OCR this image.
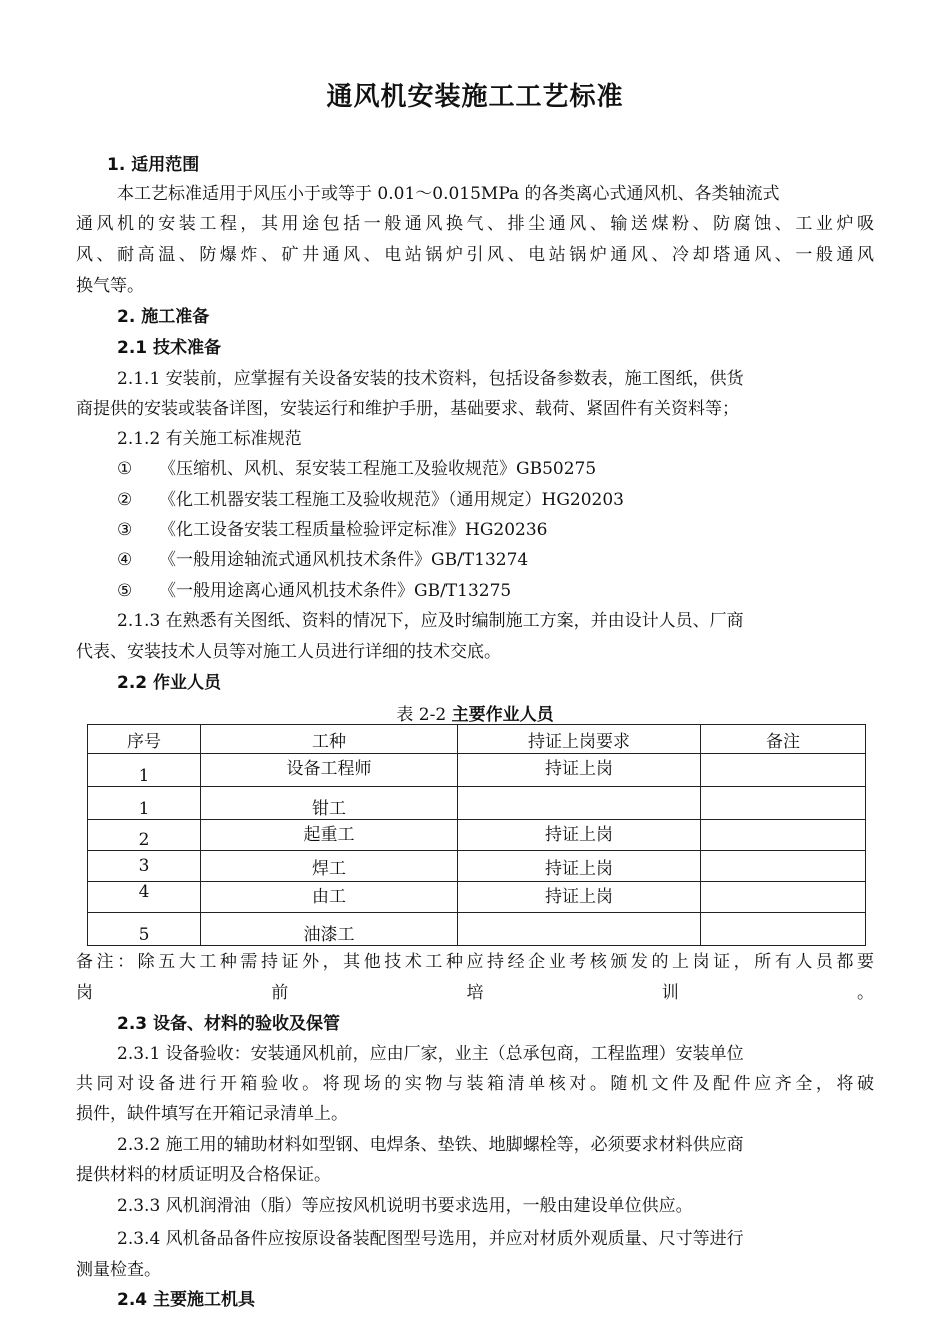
通风机安装施工工艺标准
1. 适用范围
本工艺标准适用于风压小于或等于 0.01～0.015MPa 的各类离心式通风机、各类轴流式
通风机的安装工程，其用途包括一般通风换气、排尘通风、输送煤粉、防腐蚀、工业炉吸
风、耐高温、防爆炸、矿井通风、电站锅炉引风、电站锅炉通风、冷却塔通风、一般通风
换气等。
2. 施工准备
2.1 技术准备
2.1.1 安装前，应掌握有关设备安装的技术资料，包括设备参数表，施工图纸，供货
商提供的安装或装备详图，安装运行和维护手册，基础要求、载荷、紧固件有关资料等；
2.1.2 有关施工标准规范
① 《压缩机、风机、泵安装工程施工及验收规范》GB50275
② 《化工机器安装工程施工及验收规范》（通用规定）HG20203
③ 《化工设备安装工程质量检验评定标准》HG20236
④ 《一般用途轴流式通风机技术条件》GB/T13274
⑤ 《一般用途离心通风机技术条件》GB/T13275
2.1.3 在熟悉有关图纸、资料的情况下，应及时编制施工方案，并由设计人员、厂商
代表、安装技术人员等对施工人员进行详细的技术交底。
2.2 作业人员
表 2-2 主要作业人员
序号	工种	持证上岗要求	备注
1	设备工程师	持证上岗	
1	钳工		
2	起重工	持证上岗	
3	焊工	持证上岗	
4	由工	持证上岗	
5	油漆工		
备注：除五大工种需持证外，其他技术工种应持经企业考核颁发的上岗证，所有人员都要
岗前培训。
2.3 设备、材料的验收及保管
2.3.1 设备验收：安装通风机前，应由厂家，业主（总承包商，工程监理）安装单位
共同对设备进行开箱验收。将现场的实物与装箱清单核对。随机文件及配件应齐全，将破
损件，缺件填写在开箱记录清单上。
2.3.2 施工用的辅助材料如型钢、电焊条、垫铁、地脚螺栓等，必须要求材料供应商
提供材料的材质证明及合格保证。
2.3.3 风机润滑油（脂）等应按风机说明书要求选用，一般由建设单位供应。
2.3.4 风机备品备件应按原设备装配图型号选用，并应对材质外观质量、尺寸等进行
测量检查。
2.4 主要施工机具
